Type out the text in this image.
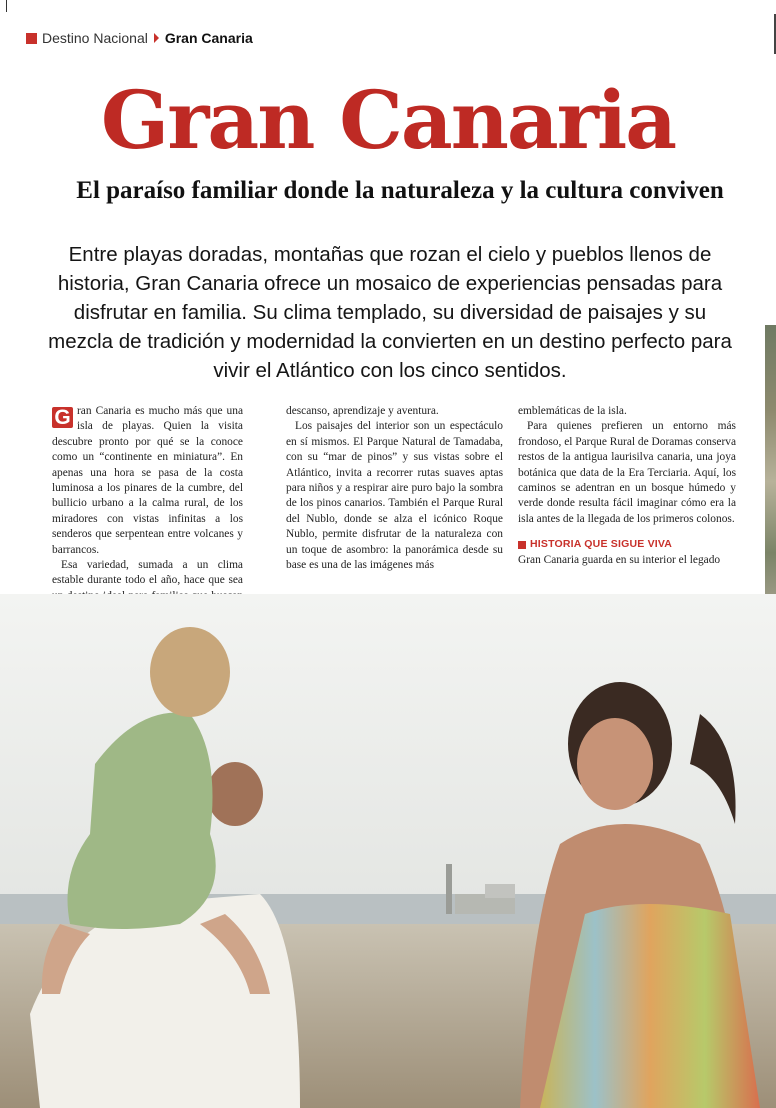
Destino Nacional Gran Canaria
Gran Canaria
El paraíso familiar donde la naturaleza y la cultura conviven

Entre playas doradas, montañas que rozan el cielo y pueblos llenos de historia, Gran Canaria ofrece un mosaico de experiencias pensadas para disfrutar en familia. Su clima templado, su diversidad de paisajes y su mezcla de tradición y modernidad la convierten en un destino perfecto para vivir el Atlántico con los cinco sentidos.

G ran Canaria es mucho más que una isla de playas. Quien la visita descubre pronto por qué se la conoce como un “continente en miniatura”. En apenas una hora se pasa de la costa luminosa a los pinares de la cumbre, del bullicio urbano a la calma rural, de los miradores con vistas infinitas a los senderos que serpentean entre volcanes y barrancos.

Esa variedad, sumada a un clima estable durante todo el año, hace que sea

descanso, aprendizaje y aventura.

Los paisajes del interior son un espectáculo en sí mismos. El Parque Natural de Tamadaba, con su “mar de pinos” y sus vistas sobre el Atlántico, invita a recorrer rutas suaves aptas para niños y a respirar aire puro bajo la sombra de los pinos canarios. También el Parque Rural del Nublo, donde se alza el icónico Roque Nublo, permite disfrutar de la naturaleza con un toque de asombro: la panorámica desde su base es una de las imágenes más

emblemáticas de la isla.

Para quienes prefieren un entorno más frondoso, el Parque Rural de Doramas conserva restos de la antigua laurisilva canaria, una joya botánica que data de la Era Terciaria. Aquí, los caminos se adentran en un bosque húmedo y verde donde resulta fácil imaginar cómo era la isla antes de la llegada de los primeros colonos.

HISTORIA QUE SIGUE VIVA

Gran Canaria guarda en su interior el legado
